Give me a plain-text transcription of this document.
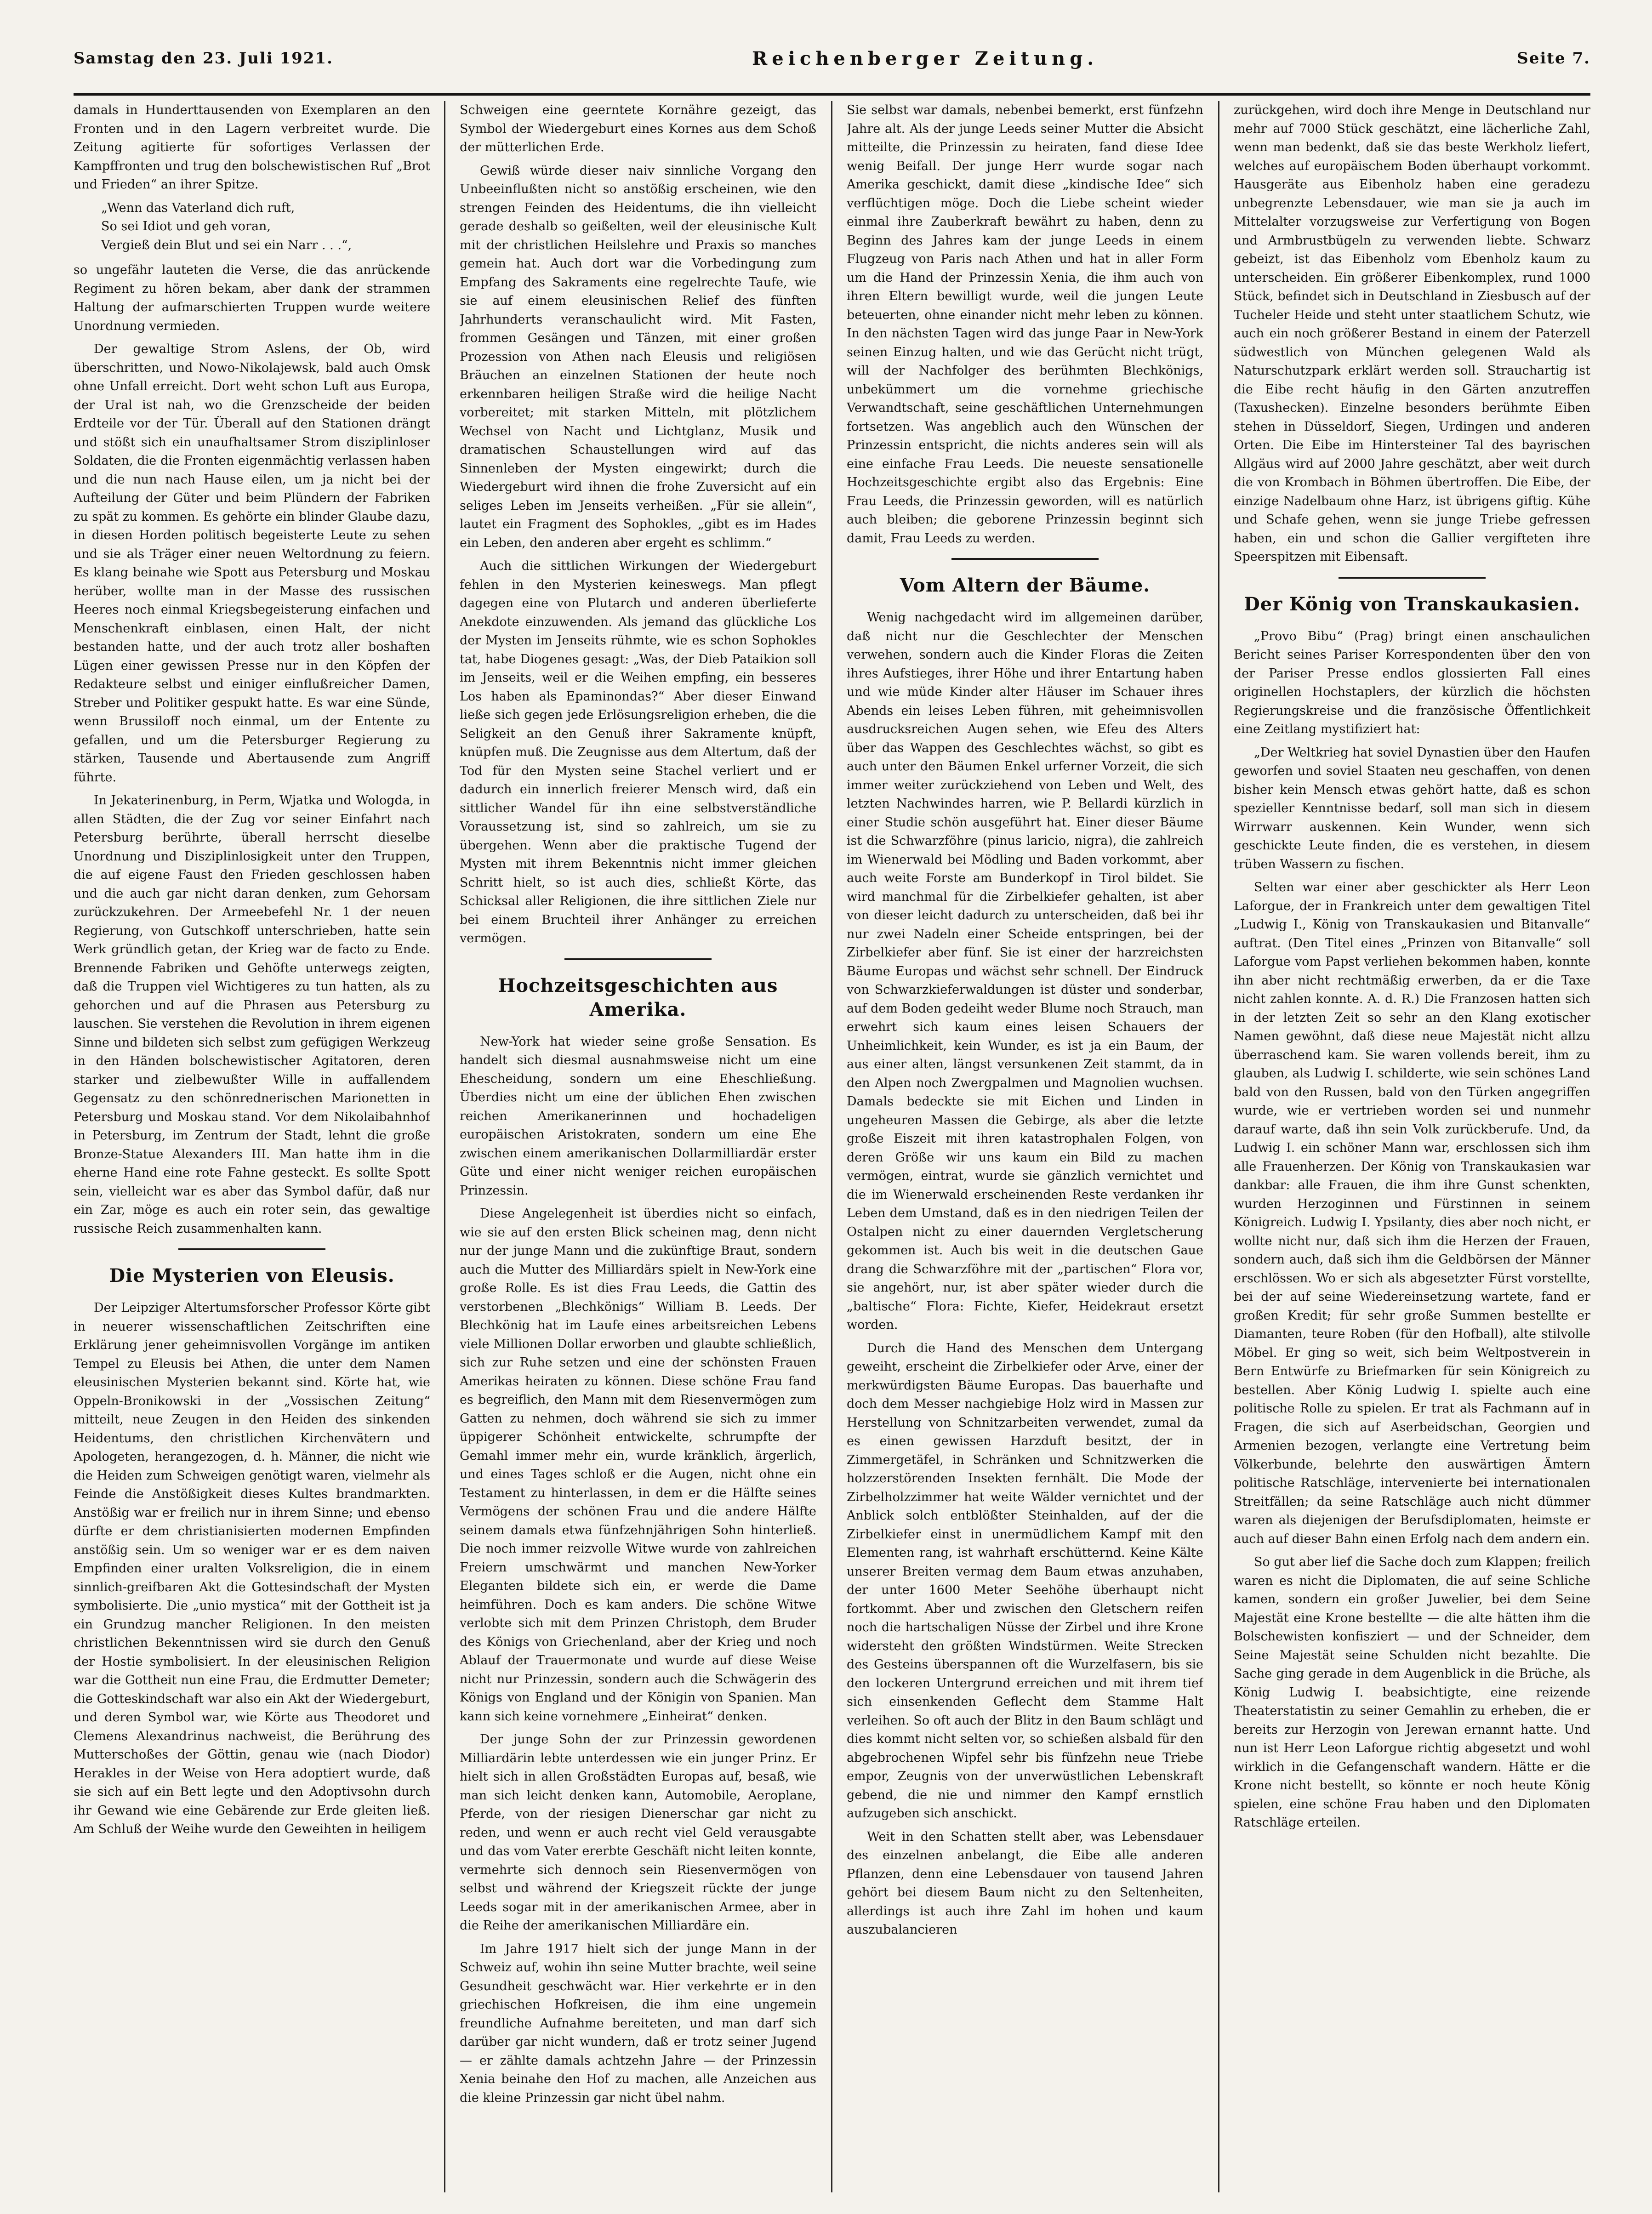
Samstag den 23. Juli 1921.	Reichenberger Zeitung.	Seite 7.

damals in Hunderttausenden von Exemplaren an den Fronten und in den Lagern verbreitet wurde. Die Zeitung agitierte für sofortiges Verlassen der Kampffronten und trug den bolschewistischen Ruf „Brot und Frieden“ an ihrer Spitze.

„Wenn das Vaterland dich ruft,
So sei Idiot und geh voran,
Vergieß dein Blut und sei ein Narr . . .“,

so ungefähr lauteten die Verse, die das anrückende Regiment zu hören bekam, aber dank der strammen Haltung der aufmarschierten Truppen wurde weitere Unordnung vermieden.

Der gewaltige Strom Aslens, der Ob, wird überschritten, und Nowo-Nikolajewsk, bald auch Omsk ohne Unfall erreicht. Dort weht schon Luft aus Europa, der Ural ist nah, wo die Grenzscheide der beiden Erdteile vor der Tür. Überall auf den Stationen drängt und stößt sich ein unaufhaltsamer Strom disziplinloser Soldaten, die die Fronten eigenmächtig verlassen haben und die nun nach Hause eilen, um ja nicht bei der Aufteilung der Güter und beim Plündern der Fabriken zu spät zu kommen. Es gehörte ein blinder Glaube dazu, in diesen Horden politisch begeisterte Leute zu sehen und sie als Träger einer neuen Weltordnung zu feiern. Es klang beinahe wie Spott aus Petersburg und Moskau herüber, wollte man in der Masse des russischen Heeres noch einmal Kriegsbegeisterung einfachen und Menschenkraft einblasen, einen Halt, der nicht bestanden hatte, und der auch trotz aller boshaften Lügen einer gewissen Presse nur in den Köpfen der Redakteure selbst und einiger einflußreicher Damen, Streber und Politiker gespukt hatte. Es war eine Sünde, wenn Brussiloff noch einmal, um der Entente zu gefallen, und um die Petersburger Regierung zu stärken, Tausende und Abertausende zum Angriff führte.

In Jekaterinenburg, in Perm, Wjatka und Wologda, in allen Städten, die der Zug vor seiner Einfahrt nach Petersburg berührte, überall herrscht dieselbe Unordnung und Disziplinlosigkeit unter den Truppen, die auf eigene Faust den Frieden geschlossen haben und die auch gar nicht daran denken, zum Gehorsam zurückzukehren. Der Armeebefehl Nr. 1 der neuen Regierung, von Gutschkoff unterschrieben, hatte sein Werk gründlich getan, der Krieg war de facto zu Ende. Brennende Fabriken und Gehöfte unterwegs zeigten, daß die Truppen viel Wichtigeres zu tun hatten, als zu gehorchen und auf die Phrasen aus Petersburg zu lauschen. Sie verstehen die Revolution in ihrem eigenen Sinne und bildeten sich selbst zum gefügigen Werkzeug in den Händen bolschewistischer Agitatoren, deren starker und zielbewußter Wille in auffallendem Gegensatz zu den schönrednerischen Marionetten in Petersburg und Moskau stand. Vor dem Nikolaibahnhof in Petersburg, im Zentrum der Stadt, lehnt die große Bronze-Statue Alexanders III. Man hatte ihm in die eherne Hand eine rote Fahne gesteckt. Es sollte Spott sein, vielleicht war es aber das Symbol dafür, daß nur ein Zar, möge es auch ein roter sein, das gewaltige russische Reich zusammenhalten kann.

Die Mysterien von Eleusis.

Der Leipziger Altertumsforscher Professor Körte gibt in neuerer wissenschaftlichen Zeitschriften eine Erklärung jener geheimnisvollen Vorgänge im antiken Tempel zu Eleusis bei Athen, die unter dem Namen eleusinischen Mysterien bekannt sind. Körte hat, wie Oppeln-Bronikowski in der „Vossischen Zeitung“ mitteilt, neue Zeugen in den Heiden des sinkenden Heidentums, den christlichen Kirchenvätern und Apologeten, herangezogen, d. h. Männer, die nicht wie die Heiden zum Schweigen genötigt waren, vielmehr als Feinde die Anstößigkeit dieses Kultes brandmarkten. Anstößig war er freilich nur in ihrem Sinne; und ebenso dürfte er dem christianisierten modernen Empfinden anstößig sein. Um so weniger war er es dem naiven Empfinden einer uralten Volksreligion, die in einem sinnlich-greifbaren Akt die Gottesindschaft der Mysten symbolisierte. Die „unio mystica“ mit der Gottheit ist ja ein Grundzug mancher Religionen. In den meisten christlichen Bekenntnissen wird sie durch den Genuß der Hostie symbolisiert. In der eleusinischen Religion war die Gottheit nun eine Frau, die Erdmutter Demeter; die Gotteskindschaft war also ein Akt der Wiedergeburt, und deren Symbol war, wie Körte aus Theodoret und Clemens Alexandrinus nachweist, die Berührung des Mutterschoßes der Göttin, genau wie (nach Diodor) Herakles in der Weise von Hera adoptiert wurde, daß sie sich auf ein Bett legte und den Adoptivsohn durch ihr Gewand wie eine Gebärende zur Erde gleiten ließ. Am Schluß der Weihe wurde den Geweihten in heiligem

Schweigen eine geerntete Kornähre gezeigt, das Symbol der Wiedergeburt eines Kornes aus dem Schoß der mütterlichen Erde.

Gewiß würde dieser naiv sinnliche Vorgang den Unbeeinflußten nicht so anstößig erscheinen, wie den strengen Feinden des Heidentums, die ihn vielleicht gerade deshalb so geißelten, weil der eleusinische Kult mit der christlichen Heilslehre und Praxis so manches gemein hat. Auch dort war die Vorbedingung zum Empfang des Sakraments eine regelrechte Taufe, wie sie auf einem eleusinischen Relief des fünften Jahrhunderts veranschaulicht wird. Mit Fasten, frommen Gesängen und Tänzen, mit einer großen Prozession von Athen nach Eleusis und religiösen Bräuchen an einzelnen Stationen der heute noch erkennbaren heiligen Straße wird die heilige Nacht vorbereitet; mit starken Mitteln, mit plötzlichem Wechsel von Nacht und Lichtglanz, Musik und dramatischen Schaustellungen wird auf das Sinnenleben der Mysten eingewirkt; durch die Wiedergeburt wird ihnen die frohe Zuversicht auf ein seliges Leben im Jenseits verheißen. „Für sie allein“, lautet ein Fragment des Sophokles, „gibt es im Hades ein Leben, den anderen aber ergeht es schlimm.“

Auch die sittlichen Wirkungen der Wiedergeburt fehlen in den Mysterien keineswegs. Man pflegt dagegen eine von Plutarch und anderen überlieferte Anekdote einzuwenden. Als jemand das glückliche Los der Mysten im Jenseits rühmte, wie es schon Sophokles tat, habe Diogenes gesagt: „Was, der Dieb Pataikion soll im Jenseits, weil er die Weihen empfing, ein besseres Los haben als Epaminondas?“ Aber dieser Einwand ließe sich gegen jede Erlösungsreligion erheben, die die Seligkeit an den Genuß ihrer Sakramente knüpft, knüpfen muß. Die Zeugnisse aus dem Altertum, daß der Tod für den Mysten seine Stachel verliert und er dadurch ein innerlich freierer Mensch wird, daß ein sittlicher Wandel für ihn eine selbstverständliche Voraussetzung ist, sind so zahlreich, um sie zu übergehen. Wenn aber die praktische Tugend der Mysten mit ihrem Bekenntnis nicht immer gleichen Schritt hielt, so ist auch dies, schließt Körte, das Schicksal aller Religionen, die ihre sittlichen Ziele nur bei einem Bruchteil ihrer Anhänger zu erreichen vermögen.

Hochzeitsgeschichten aus Amerika.

New-York hat wieder seine große Sensation. Es handelt sich diesmal ausnahmsweise nicht um eine Ehescheidung, sondern um eine Eheschließung. Überdies nicht um eine der üblichen Ehen zwischen reichen Amerikanerinnen und hochadeligen europäischen Aristokraten, sondern um eine Ehe zwischen einem amerikanischen Dollarmilliardär erster Güte und einer nicht weniger reichen europäischen Prinzessin.

Diese Angelegenheit ist überdies nicht so einfach, wie sie auf den ersten Blick scheinen mag, denn nicht nur der junge Mann und die zukünftige Braut, sondern auch die Mutter des Milliardärs spielt in New-York eine große Rolle. Es ist dies Frau Leeds, die Gattin des verstorbenen „Blechkönigs“ William B. Leeds. Der Blechkönig hat im Laufe eines arbeitsreichen Lebens viele Millionen Dollar erworben und glaubte schließlich, sich zur Ruhe setzen und eine der schönsten Frauen Amerikas heiraten zu können. Diese schöne Frau fand es begreiflich, den Mann mit dem Riesenvermögen zum Gatten zu nehmen, doch während sie sich zu immer üppigerer Schönheit entwickelte, schrumpfte der Gemahl immer mehr ein, wurde kränklich, ärgerlich, und eines Tages schloß er die Augen, nicht ohne ein Testament zu hinterlassen, in dem er die Hälfte seines Vermögens der schönen Frau und die andere Hälfte seinem damals etwa fünfzehnjährigen Sohn hinterließ. Die noch immer reizvolle Witwe wurde von zahlreichen Freiern umschwärmt und manchen New-Yorker Eleganten bildete sich ein, er werde die Dame heimführen. Doch es kam anders. Die schöne Witwe verlobte sich mit dem Prinzen Christoph, dem Bruder des Königs von Griechenland, aber der Krieg und noch Ablauf der Trauermonate und wurde auf diese Weise nicht nur Prinzessin, sondern auch die Schwägerin des Königs von England und der Königin von Spanien. Man kann sich keine vornehmere „Einheirat“ denken.

Der junge Sohn der zur Prinzessin gewordenen Milliardärin lebte unterdessen wie ein junger Prinz. Er hielt sich in allen Großstädten Europas auf, besaß, wie man sich leicht denken kann, Automobile, Aeroplane, Pferde, von der riesigen Dienerschar gar nicht zu reden, und wenn er auch recht viel Geld verausgabte und das vom Vater ererbte Geschäft nicht leiten konnte, vermehrte sich dennoch sein Riesenvermögen von selbst und während der Kriegszeit rückte der junge Leeds sogar mit in der amerikanischen Armee, aber in die Reihe der amerikanischen Milliardäre ein.

Im Jahre 1917 hielt sich der junge Mann in der Schweiz auf, wohin ihn seine Mutter brachte, weil seine Gesundheit geschwächt war. Hier verkehrte er in den griechischen Hofkreisen, die ihm eine ungemein freundliche Aufnahme bereiteten, und man darf sich darüber gar nicht wundern, daß er trotz seiner Jugend — er zählte damals achtzehn Jahre — der Prinzessin Xenia beinahe den Hof zu machen, alle Anzeichen aus die kleine Prinzessin gar nicht übel nahm.

Sie selbst war damals, nebenbei bemerkt, erst fünfzehn Jahre alt. Als der junge Leeds seiner Mutter die Absicht mitteilte, die Prinzessin zu heiraten, fand diese Idee wenig Beifall. Der junge Herr wurde sogar nach Amerika geschickt, damit diese „kindische Idee“ sich verflüchtigen möge. Doch die Liebe scheint wieder einmal ihre Zauberkraft bewährt zu haben, denn zu Beginn des Jahres kam der junge Leeds in einem Flugzeug von Paris nach Athen und hat in aller Form um die Hand der Prinzessin Xenia, die ihm auch von ihren Eltern bewilligt wurde, weil die jungen Leute beteuerten, ohne einander nicht mehr leben zu können. In den nächsten Tagen wird das junge Paar in New-York seinen Einzug halten, und wie das Gerücht nicht trügt, will der Nachfolger des berühmten Blechkönigs, unbekümmert um die vornehme griechische Verwandtschaft, seine geschäftlichen Unternehmungen fortsetzen. Was angeblich auch den Wünschen der Prinzessin entspricht, die nichts anderes sein will als eine einfache Frau Leeds. Die neueste sensationelle Hochzeitsgeschichte ergibt also das Ergebnis: Eine Frau Leeds, die Prinzessin geworden, will es natürlich auch bleiben; die geborene Prinzessin beginnt sich damit, Frau Leeds zu werden.

Vom Altern der Bäume.

Wenig nachgedacht wird im allgemeinen darüber, daß nicht nur die Geschlechter der Menschen verwehen, sondern auch die Kinder Floras die Zeiten ihres Aufstieges, ihrer Höhe und ihrer Entartung haben und wie müde Kinder alter Häuser im Schauer ihres Abends ein leises Leben führen, mit geheimnisvollen ausdrucksreichen Augen sehen, wie Efeu des Alters über das Wappen des Geschlechtes wächst, so gibt es auch unter den Bäumen Enkel urferner Vorzeit, die sich immer weiter zurückziehend von Leben und Welt, des letzten Nachwindes harren, wie P. Bellardi kürzlich in einer Studie schön ausgeführt hat. Einer dieser Bäume ist die Schwarzföhre (pinus laricio, nigra), die zahlreich im Wienerwald bei Mödling und Baden vorkommt, aber auch weite Forste am Bunderkopf in Tirol bildet. Sie wird manchmal für die Zirbelkiefer gehalten, ist aber von dieser leicht dadurch zu unterscheiden, daß bei ihr nur zwei Nadeln einer Scheide entspringen, bei der Zirbelkiefer aber fünf. Sie ist einer der harzreichsten Bäume Europas und wächst sehr schnell. Der Eindruck von Schwarzkieferwaldungen ist düster und sonderbar, auf dem Boden gedeiht weder Blume noch Strauch, man erwehrt sich kaum eines leisen Schauers der Unheimlichkeit, kein Wunder, es ist ja ein Baum, der aus einer alten, längst versunkenen Zeit stammt, da in den Alpen noch Zwergpalmen und Magnolien wuchsen. Damals bedeckte sie mit Eichen und Linden in ungeheuren Massen die Gebirge, als aber die letzte große Eiszeit mit ihren katastrophalen Folgen, von deren Größe wir uns kaum ein Bild zu machen vermögen, eintrat, wurde sie gänzlich vernichtet und die im Wienerwald erscheinenden Reste verdanken ihr Leben dem Umstand, daß es in den niedrigen Teilen der Ostalpen nicht zu einer dauernden Vergletscherung gekommen ist. Auch bis weit in die deutschen Gaue drang die Schwarzföhre mit der „partischen“ Flora vor, sie angehört, nur, ist aber später wieder durch die „baltische“ Flora: Fichte, Kiefer, Heidekraut ersetzt worden.

Durch die Hand des Menschen dem Untergang geweiht, erscheint die Zirbelkiefer oder Arve, einer der merkwürdigsten Bäume Europas. Das bauerhafte und doch dem Messer nachgiebige Holz wird in Massen zur Herstellung von Schnitzarbeiten verwendet, zumal da es einen gewissen Harzduft besitzt, der in Zimmergetäfel, in Schränken und Schnitzwerken die holzzerstörenden Insekten fernhält. Die Mode der Zirbelholzzimmer hat weite Wälder vernichtet und der Anblick solch entblößter Steinhalden, auf der die Zirbelkiefer einst in unermüdlichem Kampf mit den Elementen rang, ist wahrhaft erschütternd. Keine Kälte unserer Breiten vermag dem Baum etwas anzuhaben, der unter 1600 Meter Seehöhe überhaupt nicht fortkommt. Aber und zwischen den Gletschern reifen noch die hartschaligen Nüsse der Zirbel und ihre Krone widersteht den größten Windstürmen. Weite Strecken des Gesteins überspannen oft die Wurzelfasern, bis sie den lockeren Untergrund erreichen und mit ihrem tief sich einsenkenden Geflecht dem Stamme Halt verleihen. So oft auch der Blitz in den Baum schlägt und dies kommt nicht selten vor, so schießen alsbald für den abgebrochenen Wipfel sehr bis fünfzehn neue Triebe empor, Zeugnis von der unverwüstlichen Lebenskraft gebend, die nie und nimmer den Kampf ernstlich aufzugeben sich anschickt.

Weit in den Schatten stellt aber, was Lebensdauer des einzelnen anbelangt, die Eibe alle anderen Pflanzen, denn eine Lebensdauer von tausend Jahren gehört bei diesem Baum nicht zu den Seltenheiten, allerdings ist auch ihre Zahl im hohen und kaum auszubalancieren

zurückgehen, wird doch ihre Menge in Deutschland nur mehr auf 7000 Stück geschätzt, eine lächerliche Zahl, wenn man bedenkt, daß sie das beste Werkholz liefert, welches auf europäischem Boden überhaupt vorkommt. Hausgeräte aus Eibenholz haben eine geradezu unbegrenzte Lebensdauer, wie man sie ja auch im Mittelalter vorzugsweise zur Verfertigung von Bogen und Armbrustbügeln zu verwenden liebte. Schwarz gebeizt, ist das Eibenholz vom Ebenholz kaum zu unterscheiden. Ein größerer Eibenkomplex, rund 1000 Stück, befindet sich in Deutschland in Ziesbusch auf der Tucheler Heide und steht unter staatlichem Schutz, wie auch ein noch größerer Bestand in einem der Paterzell südwestlich von München gelegenen Wald als Naturschutzpark erklärt werden soll. Strauchartig ist die Eibe recht häufig in den Gärten anzutreffen (Taxushecken). Einzelne besonders berühmte Eiben stehen in Düsseldorf, Siegen, Urdingen und anderen Orten. Die Eibe im Hintersteiner Tal des bayrischen Allgäus wird auf 2000 Jahre geschätzt, aber weit durch die von Krombach in Böhmen übertroffen. Die Eibe, der einzige Nadelbaum ohne Harz, ist übrigens giftig. Kühe und Schafe gehen, wenn sie junge Triebe gefressen haben, ein und schon die Gallier vergifteten ihre Speerspitzen mit Eibensaft.

Der König von Transkaukasien.

„Provo Bibu“ (Prag) bringt einen anschaulichen Bericht seines Pariser Korrespondenten über den von der Pariser Presse endlos glossierten Fall eines originellen Hochstaplers, der kürzlich die höchsten Regierungskreise und die französische Öffentlichkeit eine Zeitlang mystifiziert hat:

„Der Weltkrieg hat soviel Dynastien über den Haufen geworfen und soviel Staaten neu geschaffen, von denen bisher kein Mensch etwas gehört hatte, daß es schon spezieller Kenntnisse bedarf, soll man sich in diesem Wirrwarr auskennen. Kein Wunder, wenn sich geschickte Leute finden, die es verstehen, in diesem trüben Wassern zu fischen.

Selten war einer aber geschickter als Herr Leon Laforgue, der in Frankreich unter dem gewaltigen Titel „Ludwig I., König von Transkaukasien und Bitanvalle“ auftrat. (Den Titel eines „Prinzen von Bitanvalle“ soll Laforgue vom Papst verliehen bekommen haben, konnte ihn aber nicht rechtmäßig erwerben, da er die Taxe nicht zahlen konnte. A. d. R.) Die Franzosen hatten sich in der letzten Zeit so sehr an den Klang exotischer Namen gewöhnt, daß diese neue Majestät nicht allzu überraschend kam. Sie waren vollends bereit, ihm zu glauben, als Ludwig I. schilderte, wie sein schönes Land bald von den Russen, bald von den Türken angegriffen wurde, wie er vertrieben worden sei und nunmehr darauf warte, daß ihn sein Volk zurückberufe. Und, da Ludwig I. ein schöner Mann war, erschlossen sich ihm alle Frauenherzen. Der König von Transkaukasien war dankbar: alle Frauen, die ihm ihre Gunst schenkten, wurden Herzoginnen und Fürstinnen in seinem Königreich. Ludwig I. Ypsilanty, dies aber noch nicht, er wollte nicht nur, daß sich ihm die Herzen der Frauen, sondern auch, daß sich ihm die Geldbörsen der Männer erschlössen. Wo er sich als abgesetzter Fürst vorstellte, bei der auf seine Wiedereinsetzung wartete, fand er großen Kredit; für sehr große Summen bestellte er Diamanten, teure Roben (für den Hofball), alte stilvolle Möbel. Er ging so weit, sich beim Weltpostverein in Bern Entwürfe zu Briefmarken für sein Königreich zu bestellen. Aber König Ludwig I. spielte auch eine politische Rolle zu spielen. Er trat als Fachmann auf in Fragen, die sich auf Aserbeidschan, Georgien und Armenien bezogen, verlangte eine Vertretung beim Völkerbunde, belehrte den auswärtigen Ämtern politische Ratschläge, intervenierte bei internationalen Streitfällen; da seine Ratschläge auch nicht dümmer waren als diejenigen der Berufsdiplomaten, heimste er auch auf dieser Bahn einen Erfolg nach dem andern ein.

So gut aber lief die Sache doch zum Klappen; freilich waren es nicht die Diplomaten, die auf seine Schliche kamen, sondern ein großer Juwelier, bei dem Seine Majestät eine Krone bestellte — die alte hätten ihm die Bolschewisten konfisziert — und der Schneider, dem Seine Majestät seine Schulden nicht bezahlte. Die Sache ging gerade in dem Augenblick in die Brüche, als König Ludwig I. beabsichtigte, eine reizende Theaterstatistin zu seiner Gemahlin zu erheben, die er bereits zur Herzogin von Jerewan ernannt hatte. Und nun ist Herr Leon Laforgue richtig abgesetzt und wohl wirklich in die Gefangenschaft wandern. Hätte er die Krone nicht bestellt, so könnte er noch heute König spielen, eine schöne Frau haben und den Diplomaten Ratschläge erteilen.
